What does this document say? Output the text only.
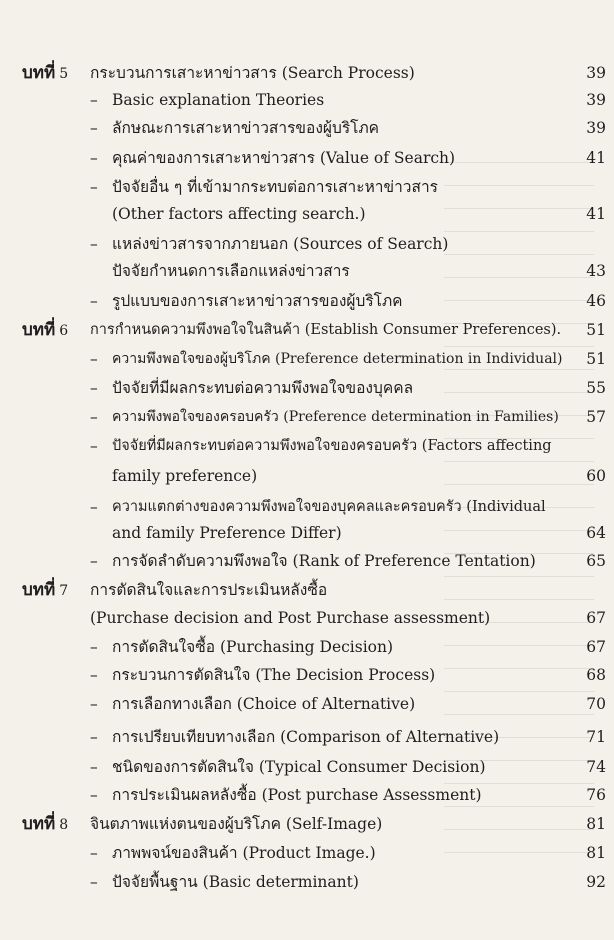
บทที่ 5 กระบวนการเสาะหาข่าวสาร (Search Process)	39
– Basic explanation Theories	39
– ลักษณะการเสาะหาข่าวสารของผู้บริโภค	39
– คุณค่าของการเสาะหาข่าวสาร (Value of Search)	41
– ปัจจัยอื่น ๆ ที่เข้ามากระทบต่อการเสาะหาข่าวสาร
(Other factors affecting search.)	41
– แหล่งข่าวสารจากภายนอก (Sources of Search)
ปัจจัยกำหนดการเลือกแหล่งข่าวสาร	43
– รูปแบบของการเสาะหาข่าวสารของผู้บริโภค	46
บทที่ 6 การกำหนดความพึงพอใจในสินค้า (Establish Consumer Preferences).	51
– ความพึงพอใจของผู้บริโภค (Preference determination in Individual)	51
– ปัจจัยที่มีผลกระทบต่อความพึงพอใจของบุคคล	55
– ความพึงพอใจของครอบครัว (Preference determination in Families)	57
– ปัจจัยที่มีผลกระทบต่อความพึงพอใจของครอบครัว (Factors affecting
family preference)	60
– ความแตกต่างของความพึงพอใจของบุคคลและครอบครัว (Individual
and family Preference Differ)	64
– การจัดลำดับความพึงพอใจ (Rank of Preference Tentation)	65
บทที่ 7 การตัดสินใจและการประเมินหลังซื้อ
(Purchase decision and Post Purchase assessment)	67
– การตัดสินใจซื้อ (Purchasing Decision)	67
– กระบวนการตัดสินใจ (The Decision Process)	68
– การเลือกทางเลือก (Choice of Alternative)	70
– การเปรียบเทียบทางเลือก (Comparison of Alternative)	71
– ชนิดของการตัดสินใจ (Typical Consumer Decision)	74
– การประเมินผลหลังซื้อ (Post purchase Assessment)	76
บทที่ 8 จินตภาพแห่งตนของผู้บริโภค (Self-Image)	81
– ภาพพจน์ของสินค้า (Product Image.)	81
– ปัจจัยพื้นฐาน (Basic determinant)	92
